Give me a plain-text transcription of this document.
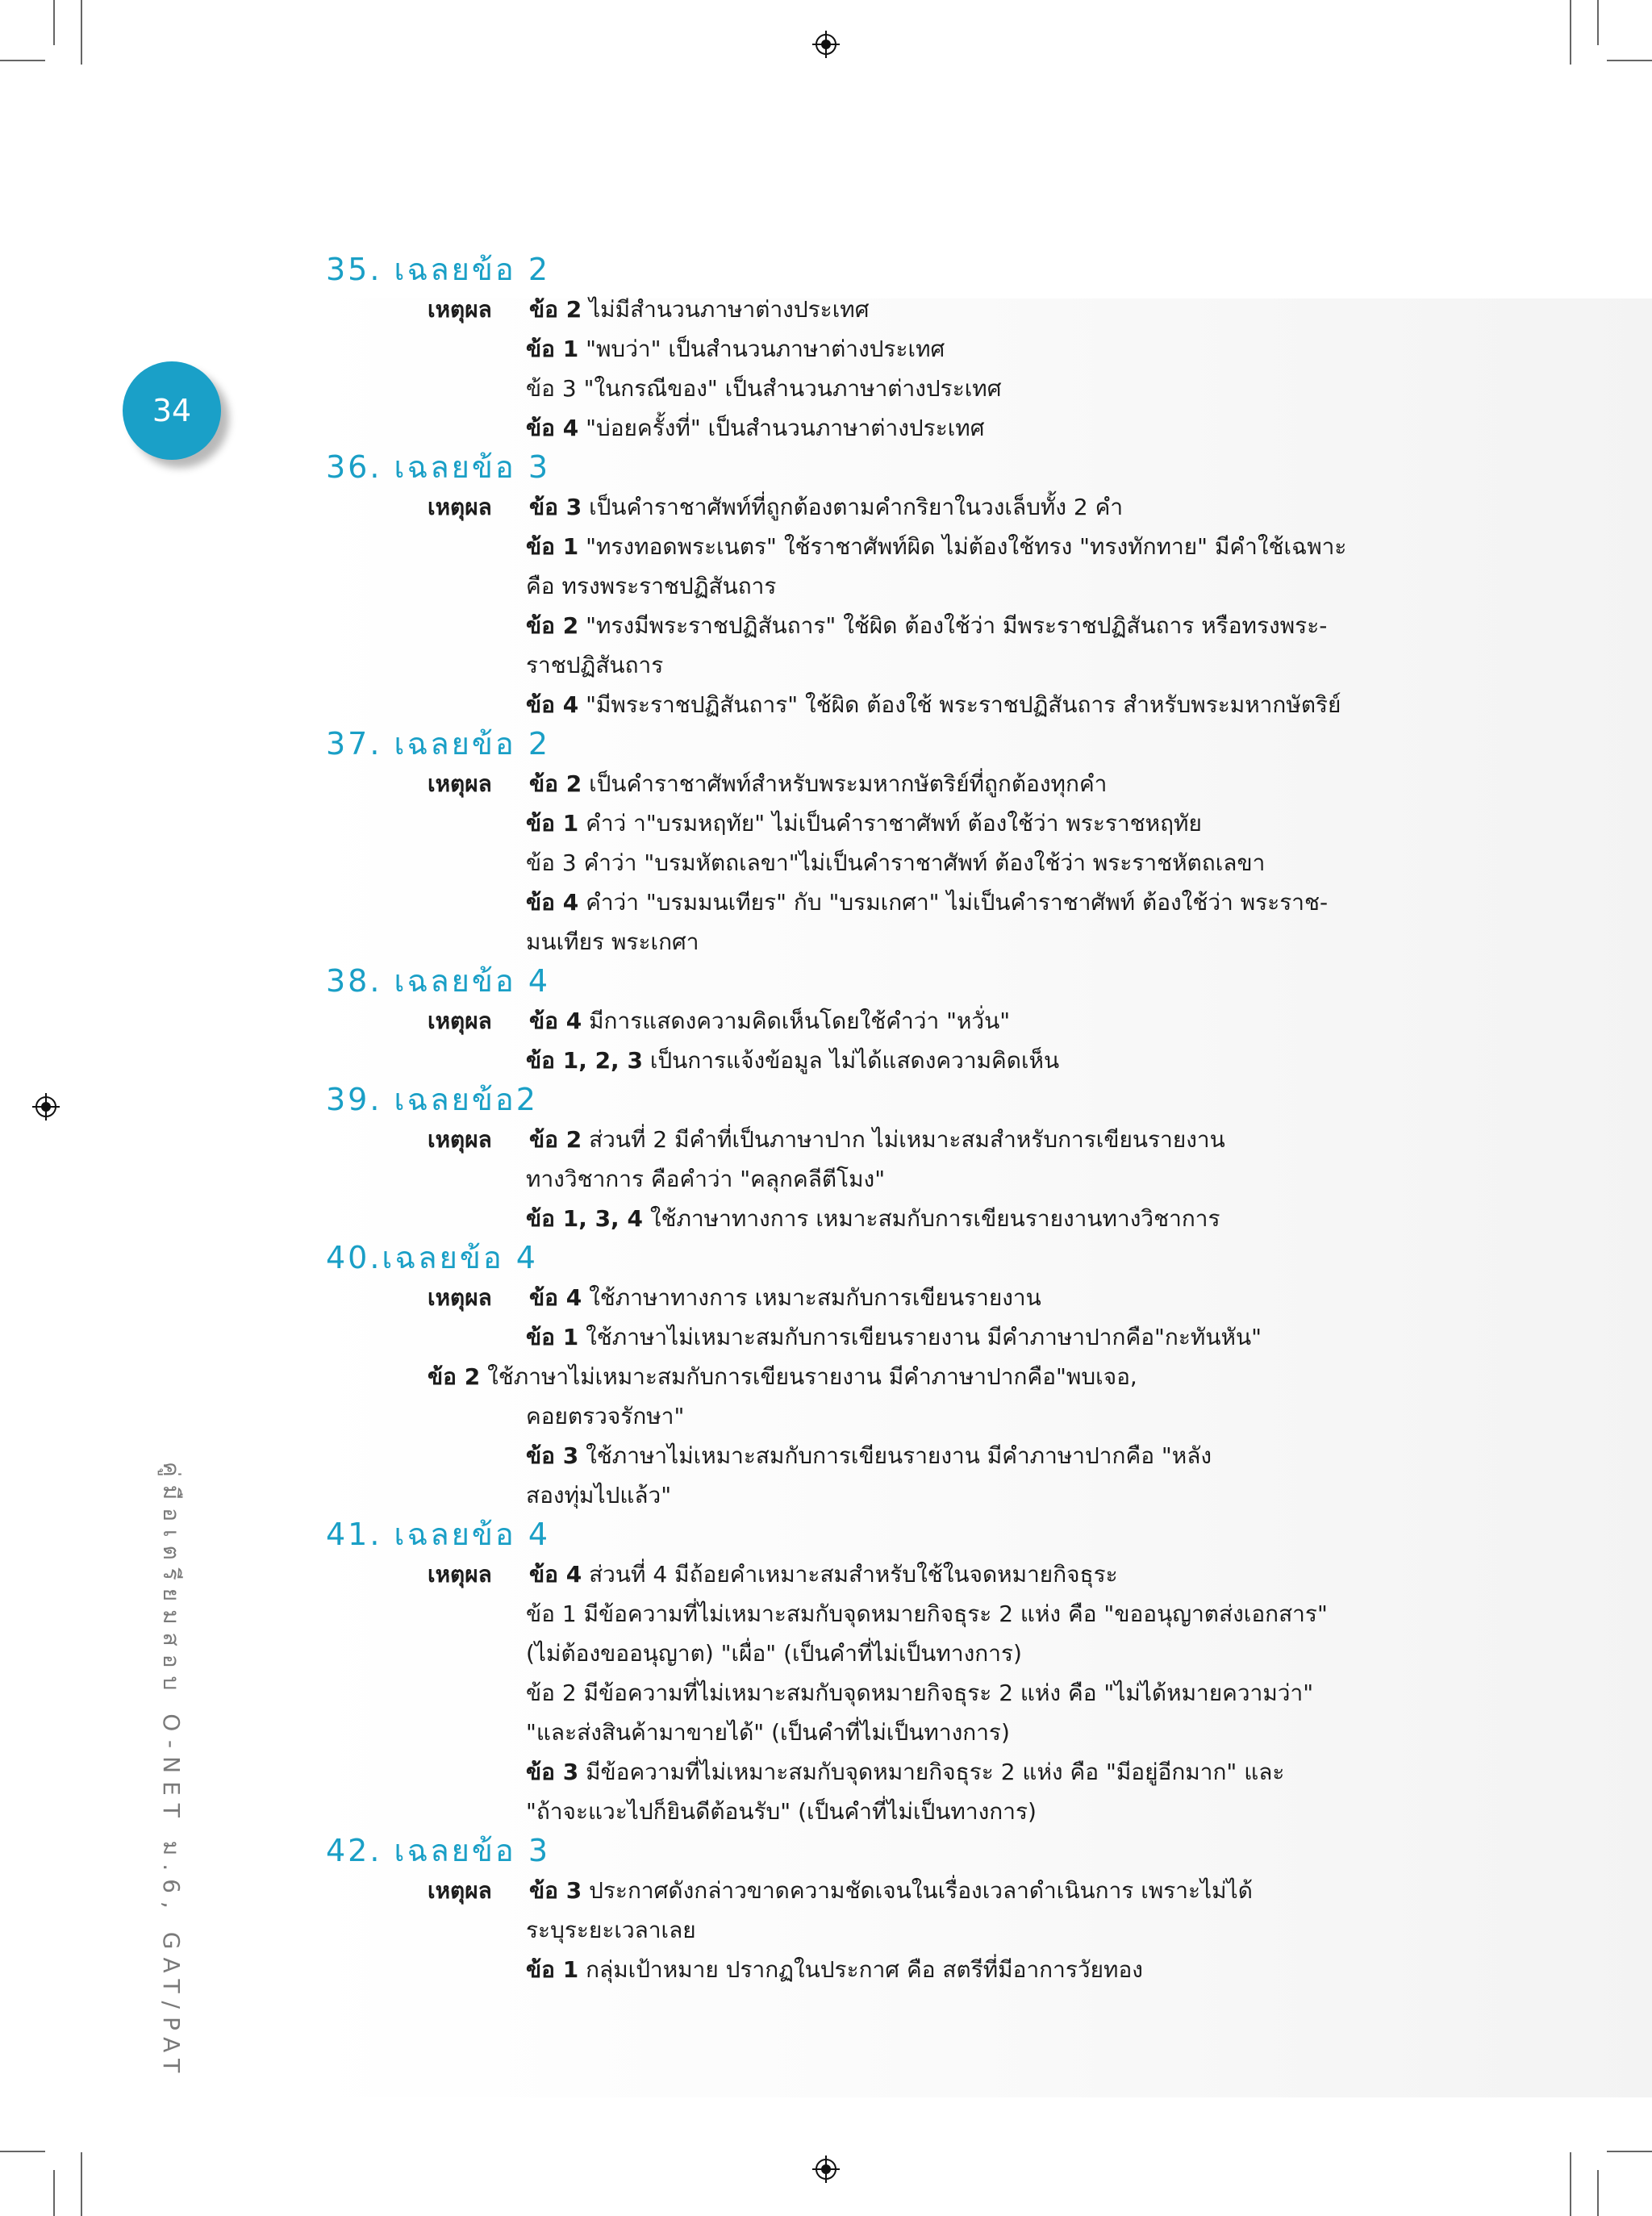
34
คู่มือเตรียมสอบ O-NET ม.6, GAT/PAT
35. เฉลยข้อ 2
เหตุผล ข้อ 2 ไม่มีสำนวนภาษาต่างประเทศ
ข้อ 1 "พบว่า" เป็นสำนวนภาษาต่างประเทศ
ข้อ 3 "ในกรณีของ" เป็นสำนวนภาษาต่างประเทศ
ข้อ 4 "บ่อยครั้งที่" เป็นสำนวนภาษาต่างประเทศ
36. เฉลยข้อ 3
เหตุผล ข้อ 3 เป็นคำราชาศัพท์ที่ถูกต้องตามคำกริยาในวงเล็บทั้ง 2 คำ
ข้อ 1 "ทรงทอดพระเนตร" ใช้ราชาศัพท์ผิด ไม่ต้องใช้ทรง "ทรงทักทาย" มีคำใช้เฉพาะ
คือ ทรงพระราชปฏิสันถาร
ข้อ 2 "ทรงมีพระราชปฏิสันถาร" ใช้ผิด ต้องใช้ว่า มีพระราชปฏิสันถาร หรือทรงพระ-
ราชปฏิสันถาร
ข้อ 4 "มีพระราชปฏิสันถาร" ใช้ผิด ต้องใช้ พระราชปฏิสันถาร สำหรับพระมหากษัตริย์
37. เฉลยข้อ 2
เหตุผล ข้อ 2 เป็นคำราชาศัพท์สำหรับพระมหากษัตริย์ที่ถูกต้องทุกคำ
ข้อ 1 คำว่ า"บรมหฤทัย" ไม่เป็นคำราชาศัพท์ ต้องใช้ว่า พระราชหฤทัย
ข้อ 3 คำว่า "บรมหัตถเลขา"ไม่เป็นคำราชาศัพท์ ต้องใช้ว่า พระราชหัตถเลขา
ข้อ 4 คำว่า "บรมมนเทียร" กับ "บรมเกศา" ไม่เป็นคำราชาศัพท์ ต้องใช้ว่า พระราช-
มนเทียร พระเกศา
38. เฉลยข้อ 4
เหตุผล ข้อ 4 มีการแสดงความคิดเห็นโดยใช้คำว่า "หวั่น"
ข้อ 1, 2, 3 เป็นการแจ้งข้อมูล ไม่ได้แสดงความคิดเห็น
39. เฉลยข้อ2
เหตุผล ข้อ 2 ส่วนที่ 2 มีคำที่เป็นภาษาปาก ไม่เหมาะสมสำหรับการเขียนรายงาน
ทางวิชาการ คือคำว่า "คลุกคลีตีโมง"
ข้อ 1, 3, 4 ใช้ภาษาทางการ เหมาะสมกับการเขียนรายงานทางวิชาการ
40.เฉลยข้อ 4
เหตุผล ข้อ 4 ใช้ภาษาทางการ เหมาะสมกับการเขียนรายงาน
ข้อ 1 ใช้ภาษาไม่เหมาะสมกับการเขียนรายงาน มีคำภาษาปากคือ"กะทันหัน"
ข้อ 2 ใช้ภาษาไม่เหมาะสมกับการเขียนรายงาน มีคำภาษาปากคือ"พบเจอ,
คอยตรวจรักษา"
ข้อ 3 ใช้ภาษาไม่เหมาะสมกับการเขียนรายงาน มีคำภาษาปากคือ "หลัง
สองทุ่มไปแล้ว"
41. เฉลยข้อ 4
เหตุผล ข้อ 4 ส่วนที่ 4 มีถ้อยคำเหมาะสมสำหรับใช้ในจดหมายกิจธุระ
ข้อ 1 มีข้อความที่ไม่เหมาะสมกับจุดหมายกิจธุระ 2 แห่ง คือ "ขออนุญาตส่งเอกสาร"
(ไม่ต้องขออนุญาต) "เผื่อ" (เป็นคำที่ไม่เป็นทางการ)
ข้อ 2 มีข้อความที่ไม่เหมาะสมกับจุดหมายกิจธุระ 2 แห่ง คือ "ไม่ได้หมายความว่า"
"และส่งสินค้ามาขายได้" (เป็นคำที่ไม่เป็นทางการ)
ข้อ 3 มีข้อความที่ไม่เหมาะสมกับจุดหมายกิจธุระ 2 แห่ง คือ "มีอยู่อีกมาก" และ
"ถ้าจะแวะไปก็ยินดีต้อนรับ" (เป็นคำที่ไม่เป็นทางการ)
42. เฉลยข้อ 3
เหตุผล ข้อ 3 ประกาศดังกล่าวขาดความชัดเจนในเรื่องเวลาดำเนินการ เพราะไม่ได้
ระบุระยะเวลาเลย
ข้อ 1 กลุ่มเป้าหมาย ปรากฏในประกาศ คือ สตรีที่มีอาการวัยทอง
